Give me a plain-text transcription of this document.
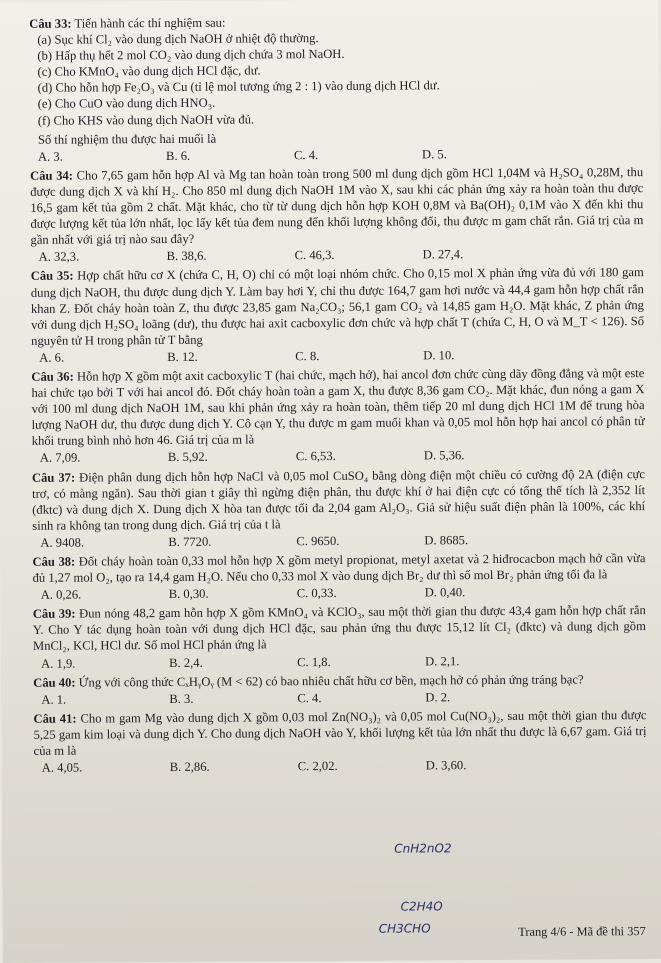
Câu 33: Tiến hành các thí nghiệm sau:
(a) Sục khí Cl₂ vào dung dịch NaOH ở nhiệt độ thường.
(b) Hấp thụ hết 2 mol CO₂ vào dung dịch chứa 3 mol NaOH.
(c) Cho KMnO₄ vào dung dịch HCl đặc, dư.
(d) Cho hỗn hợp Fe₂O₃ và Cu (tỉ lệ mol tương ứng 2 : 1) vào dung dịch HCl dư.
(e) Cho CuO vào dung dịch HNO₃.
(f) Cho KHS vào dung dịch NaOH vừa đủ.
Số thí nghiệm thu được hai muối là
A. 3.	B. 6.	C. 4.	D. 5.
Câu 34: Cho 7,65 gam hỗn hợp Al và Mg tan hoàn toàn trong 500 ml dung dịch gồm HCl 1,04M và H₂SO₄ 0,28M, thu được dung dịch X và khí H₂. Cho 850 ml dung dịch NaOH 1M vào X, sau khi các phản ứng xảy ra hoàn toàn thu được 16,5 gam kết tủa gồm 2 chất. Mặt khác, cho từ từ dung dịch hỗn hợp KOH 0,8M và Ba(OH)₂ 0,1M vào X đến khi thu được lượng kết tủa lớn nhất, lọc lấy kết tủa đem nung đến khối lượng không đổi, thu được m gam chất rắn. Giá trị của m gần nhất với giá trị nào sau đây?
A. 32,3.	B. 38,6.	C. 46,3.	D. 27,4.
Câu 35: Hợp chất hữu cơ X (chứa C, H, O) chỉ có một loại nhóm chức. Cho 0,15 mol X phản ứng vừa đủ với 180 gam dung dịch NaOH, thu được dung dịch Y. Làm bay hơi Y, chỉ thu được 164,7 gam hơi nước và 44,4 gam hỗn hợp chất rắn khan Z. Đốt cháy hoàn toàn Z, thu được 23,85 gam Na₂CO₃; 56,1 gam CO₂ và 14,85 gam H₂O. Mặt khác, Z phản ứng với dung dịch H₂SO₄ loãng (dư), thu được hai axit cacboxylic đơn chức và hợp chất T (chứa C, H, O và M_T < 126). Số nguyên tử H trong phân tử T bằng
A. 6.	B. 12.	C. 8.	D. 10.
Câu 36: Hỗn hợp X gồm một axit cacboxylic T (hai chức, mạch hở), hai ancol đơn chức cùng dãy đồng đẳng và một este hai chức tạo bởi T với hai ancol đó. Đốt cháy hoàn toàn a gam X, thu được 8,36 gam CO₂. Mặt khác, đun nóng a gam X với 100 ml dung dịch NaOH 1M, sau khi phản ứng xảy ra hoàn toàn, thêm tiếp 20 ml dung dịch HCl 1M để trung hòa lượng NaOH dư, thu được dung dịch Y. Cô cạn Y, thu được m gam muối khan và 0,05 mol hỗn hợp hai ancol có phân tử khối trung bình nhỏ hơn 46. Giá trị của m là
A. 7,09.	B. 5,92.	C. 6,53.	D. 5,36.
Câu 37: Điện phân dung dịch hỗn hợp NaCl và 0,05 mol CuSO₄ bằng dòng điện một chiều có cường độ 2A (điện cực trơ, có màng ngăn). Sau thời gian t giây thì ngừng điện phân, thu được khí ở hai điện cực có tổng thể tích là 2,352 lít (đktc) và dung dịch X. Dung dịch X hòa tan được tối đa 2,04 gam Al₂O₃. Giả sử hiệu suất điện phân là 100%, các khí sinh ra không tan trong dung dịch. Giá trị của t là
A. 9408.	B. 7720.	C. 9650.	D. 8685.
Câu 38: Đốt cháy hoàn toàn 0,33 mol hỗn hợp X gồm metyl propionat, metyl axetat và 2 hiđrocacbon mạch hở cần vừa đủ 1,27 mol O₂, tạo ra 14,4 gam H₂O. Nếu cho 0,33 mol X vào dung dịch Br₂ dư thì số mol Br₂ phản ứng tối đa là
A. 0,26.	B. 0,30.	C. 0,33.	D. 0,40.
Câu 39: Đun nóng 48,2 gam hỗn hợp X gồm KMnO₄ và KClO₃, sau một thời gian thu được 43,4 gam hỗn hợp chất rắn Y. Cho Y tác dụng hoàn toàn với dung dịch HCl đặc, sau phản ứng thu được 15,12 lít Cl₂ (đktc) và dung dịch gồm MnCl₂, KCl, HCl dư. Số mol HCl phản ứng là
A. 1,9.	B. 2,4.	C. 1,8.	D. 2,1.
Câu 40: Ứng với công thức CₓHᵧOᵧ (M < 62) có bao nhiêu chất hữu cơ bền, mạch hở có phản ứng tráng bạc?
A. 1.	B. 3.	C. 4.	D. 2.
Câu 41: Cho m gam Mg vào dung dịch X gồm 0,03 mol Zn(NO₃)₂ và 0,05 mol Cu(NO₃)₂, sau một thời gian thu được 5,25 gam kim loại và dung dịch Y. Cho dung dịch NaOH vào Y, khối lượng kết tủa lớn nhất thu được là 6,67 gam. Giá trị của m là
A. 4,05.	B. 2,86.	C. 2,02.	D. 3,60.
CnH2nO2
C2H4O
CH3CHO	Trang 4/6 - Mã đề thi 357
